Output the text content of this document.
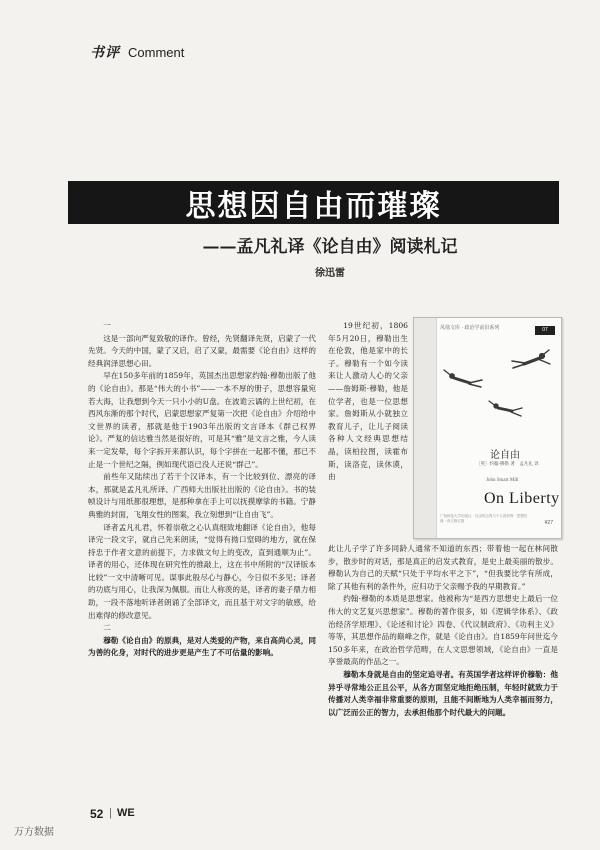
书评 Comment
思想因自由而璀璨
——孟凡礼译《论自由》阅读札记
徐迅雷

一

这是一部向严复致敬的译作。曾经，先贤翻译先贤，启蒙了一代先贤。今天的中国，蒙了又启，启了又蒙，最需要《论自由》这样的经典润泽思想心田。

早在150多年前的1859年，英国杰出思想家约翰·穆勒出版了他的《论自由》。那是“伟大的小书”——一本不厚的册子，思想容量宛若大海，让我想到今天一只小小的U盘。在波诡云谲的上世纪初，在西风东渐的那个时代，启蒙思想家严复第一次把《论自由》介绍给中文世界的读者，那就是他于1903年出版的文言译本《群己权界论》。严复的信达雅当然是很好的，可是其“雅”是文言之雅，今人读来一定发晕，每个字拆开来都认识，每个字拼在一起都不懂，那已不止是一个世纪之隔，例如现代语已没人还说“群己”。

前些年又陆续出了若干个汉译本，有一个比较到位、漂亮的译本，那就是孟凡礼所译、广西师大出版社出版的《论自由》。书的装帧设计与用纸都很理想，是那种拿在手上可以抚摸摩挲的书籍。宁静典雅的封面，飞翔女性的图案，我立刻想到“让自由飞”。

译者孟凡礼君，怀着崇敬之心认真细致地翻译《论自由》，他每译完一段文字，就自己先来朗读，“觉得有拗口窒碍的地方，就在保持忠于作者文意的前提下，力求做文句上的变改，直到通顺为止”。译者的用心，还体现在研究性的推敲上，这在书中所附的“汉译版本比较”一文中清晰可见。谋事此般尽心与静心，今日似不多见；译者的功底与用心，让我深为佩服。而让人称羡的是，译者的妻子鼎力相助，一段不落地听译者朗诵了全部译文，而且基于对文字的敏感，给出难得的修改意见。

二

穆勒《论自由》的原典，是对人类爱的产物，来自高尚心灵，同为善的化身，对时代的进步更是产生了不可估量的影响。

19世纪初，1806年5月20日，穆勒出生在伦敦，他是家中的长子。穆勒有一个如今读来让人激动人心的父亲——詹姆斯·穆勒，他是位学者，也是一位思想家。詹姆斯从小就独立教育儿子，让儿子阅读各种人文经典思想结晶，读柏拉图，读霍布斯，读洛克，读休谟，由

凤凰文库 · 政治学前沿系列	07
论自由
〔英〕约翰·穆勒 著　孟凡礼 译
John Stuart Mill
On Liberty
广西师范大学出版社 · 自由的边界与个人的权利 · 思想经典 · 译文修订版	¥27

此让儿子学了许多同龄人通常不知道的东西；带着他一起在林间散步，散步时的对话，那是真正的启发式教育，是史上最美丽的散步。穆勒认为自己的天赋“只处于平均水平之下”，“但我要比学有所成，除了其他有利的条件外，应归功于父亲赐予我的早期教育。”

约翰·穆勒的本质是思想家。他被称为“是西方思想史上最后一位伟大的文艺复兴思想家”。穆勒的著作很多，如《逻辑学体系》、《政治经济学原理》、《论述和讨论》四卷、《代议制政府》、《功利主义》等等，其思想作品的巅峰之作，就是《论自由》。自1859年问世迄今150多年来，在政治哲学范畴，在人文思想领域，《论自由》一直是享誉最高的作品之一。

穆勒本身就是自由的坚定追寻者。有英国学者这样评价穆勒：他异乎寻常地公正且公平，从各方面坚定地拒绝压制，年轻时就致力于传播对人类幸福非常重要的原则，且能不间断地为人类幸福而努力，以广泛而公正的智力，去承担他那个时代最大的问题。

52 | WE
万方数据
